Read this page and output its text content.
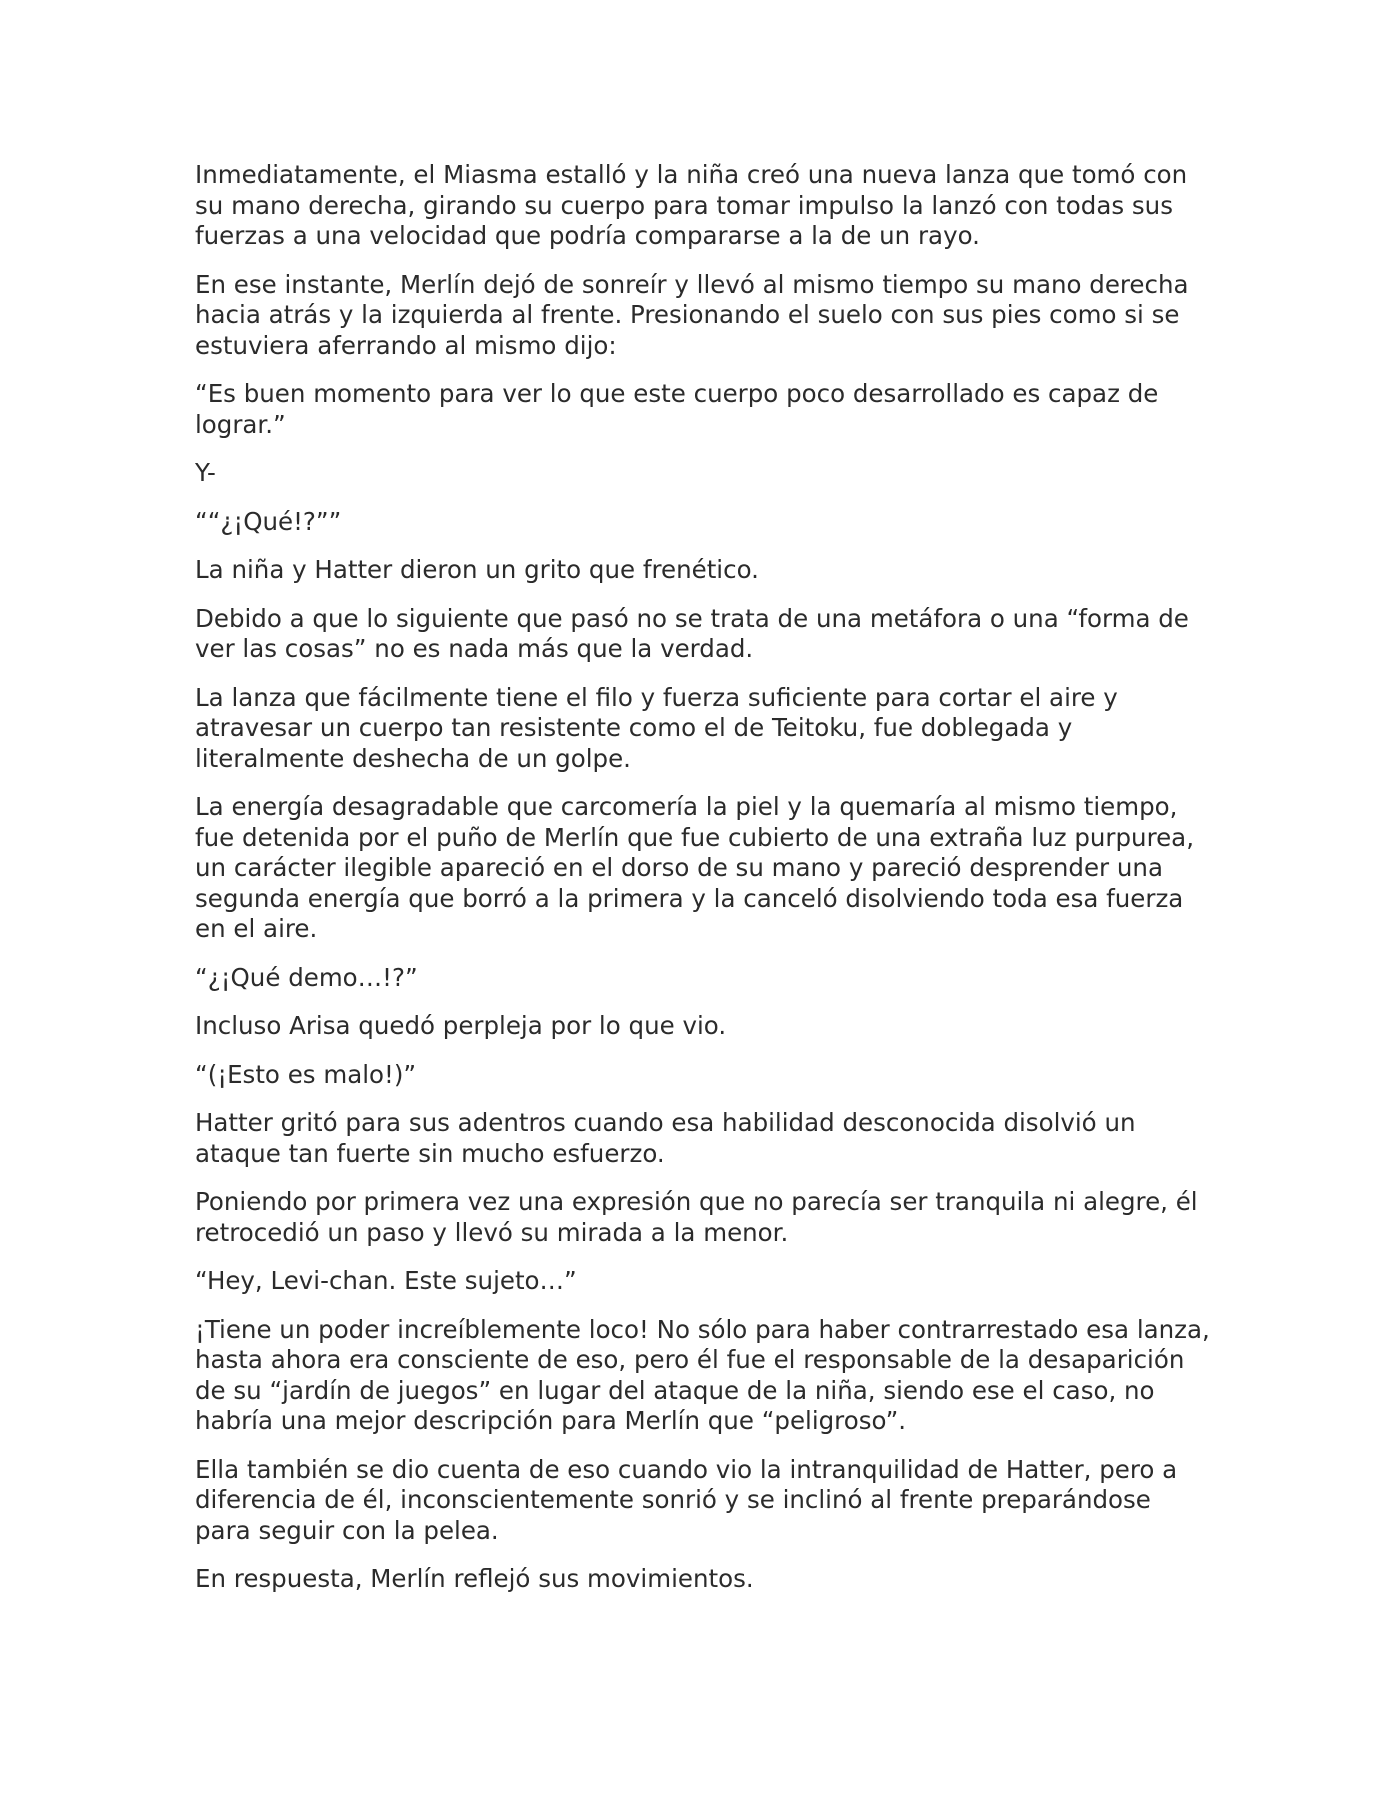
Inmediatamente, el Miasma estalló y la niña creó una nueva lanza que tomó con su mano derecha, girando su cuerpo para tomar impulso la lanzó con todas sus fuerzas a una velocidad que podría compararse a la de un rayo.

En ese instante, Merlín dejó de sonreír y llevó al mismo tiempo su mano derecha hacia atrás y la izquierda al frente. Presionando el suelo con sus pies como si se estuviera aferrando al mismo dijo:

“Es buen momento para ver lo que este cuerpo poco desarrollado es capaz de lograr.”

Y-

““¿¡Qué!?””

La niña y Hatter dieron un grito que frenético.

Debido a que lo siguiente que pasó no se trata de una metáfora o una “forma de ver las cosas” no es nada más que la verdad.

La lanza que fácilmente tiene el filo y fuerza suficiente para cortar el aire y atravesar un cuerpo tan resistente como el de Teitoku, fue doblegada y literalmente deshecha de un golpe.

La energía desagradable que carcomería la piel y la quemaría al mismo tiempo, fue detenida por el puño de Merlín que fue cubierto de una extraña luz purpurea, un carácter ilegible apareció en el dorso de su mano y pareció desprender una segunda energía que borró a la primera y la canceló disolviendo toda esa fuerza en el aire.

“¿¡Qué demo…!?”

Incluso Arisa quedó perpleja por lo que vio.

“(¡Esto es malo!)”

Hatter gritó para sus adentros cuando esa habilidad desconocida disolvió un ataque tan fuerte sin mucho esfuerzo.

Poniendo por primera vez una expresión que no parecía ser tranquila ni alegre, él retrocedió un paso y llevó su mirada a la menor.

“Hey, Levi-chan. Este sujeto…”

¡Tiene un poder increíblemente loco! No sólo para haber contrarrestado esa lanza, hasta ahora era consciente de eso, pero él fue el responsable de la desaparición de su “jardín de juegos” en lugar del ataque de la niña, siendo ese el caso, no habría una mejor descripción para Merlín que “peligroso”.

Ella también se dio cuenta de eso cuando vio la intranquilidad de Hatter, pero a diferencia de él, inconscientemente sonrió y se inclinó al frente preparándose para seguir con la pelea.

En respuesta, Merlín reflejó sus movimientos.
